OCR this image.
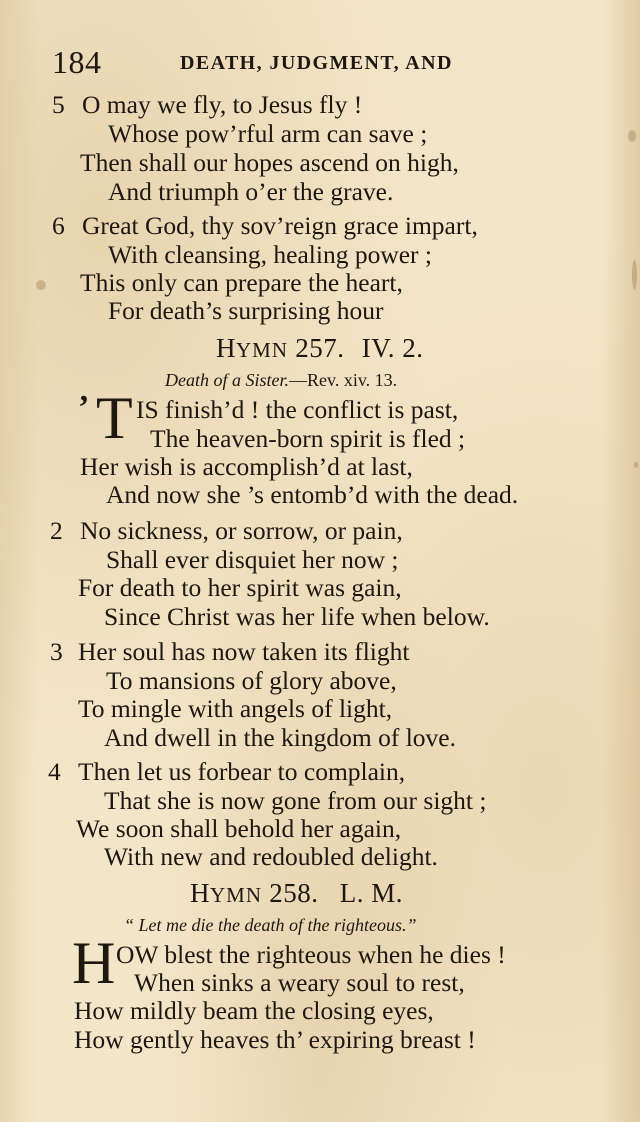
184	DEATH, JUDGMENT, AND
5 O may we fly, to Jesus fly !
Whose pow’rful arm can save ;
Then shall our hopes ascend on high,
And triumph o’er the grave.
6 Great God, thy sov’reign grace impart,
With cleansing, healing power ;
This only can prepare the heart,
For death’s surprising hour
HYMN 257. IV. 2.
Death of a Sister.—Rev. xiv. 13.
’ T IS finish’d ! the conflict is past,
The heaven-born spirit is fled ;
Her wish is accomplish’d at last,
And now she ’s entomb’d with the dead.
2 No sickness, or sorrow, or pain,
Shall ever disquiet her now ;
For death to her spirit was gain,
Since Christ was her life when below.
3 Her soul has now taken its flight
To mansions of glory above,
To mingle with angels of light,
And dwell in the kingdom of love.
4 Then let us forbear to complain,
That she is now gone from our sight ;
We soon shall behold her again,
With new and redoubled delight.
HYMN 258. L. M.
“ Let me die the death of the righteous.”
H OW blest the righteous when he dies !
When sinks a weary soul to rest,
How mildly beam the closing eyes,
How gently heaves th’ expiring breast !
